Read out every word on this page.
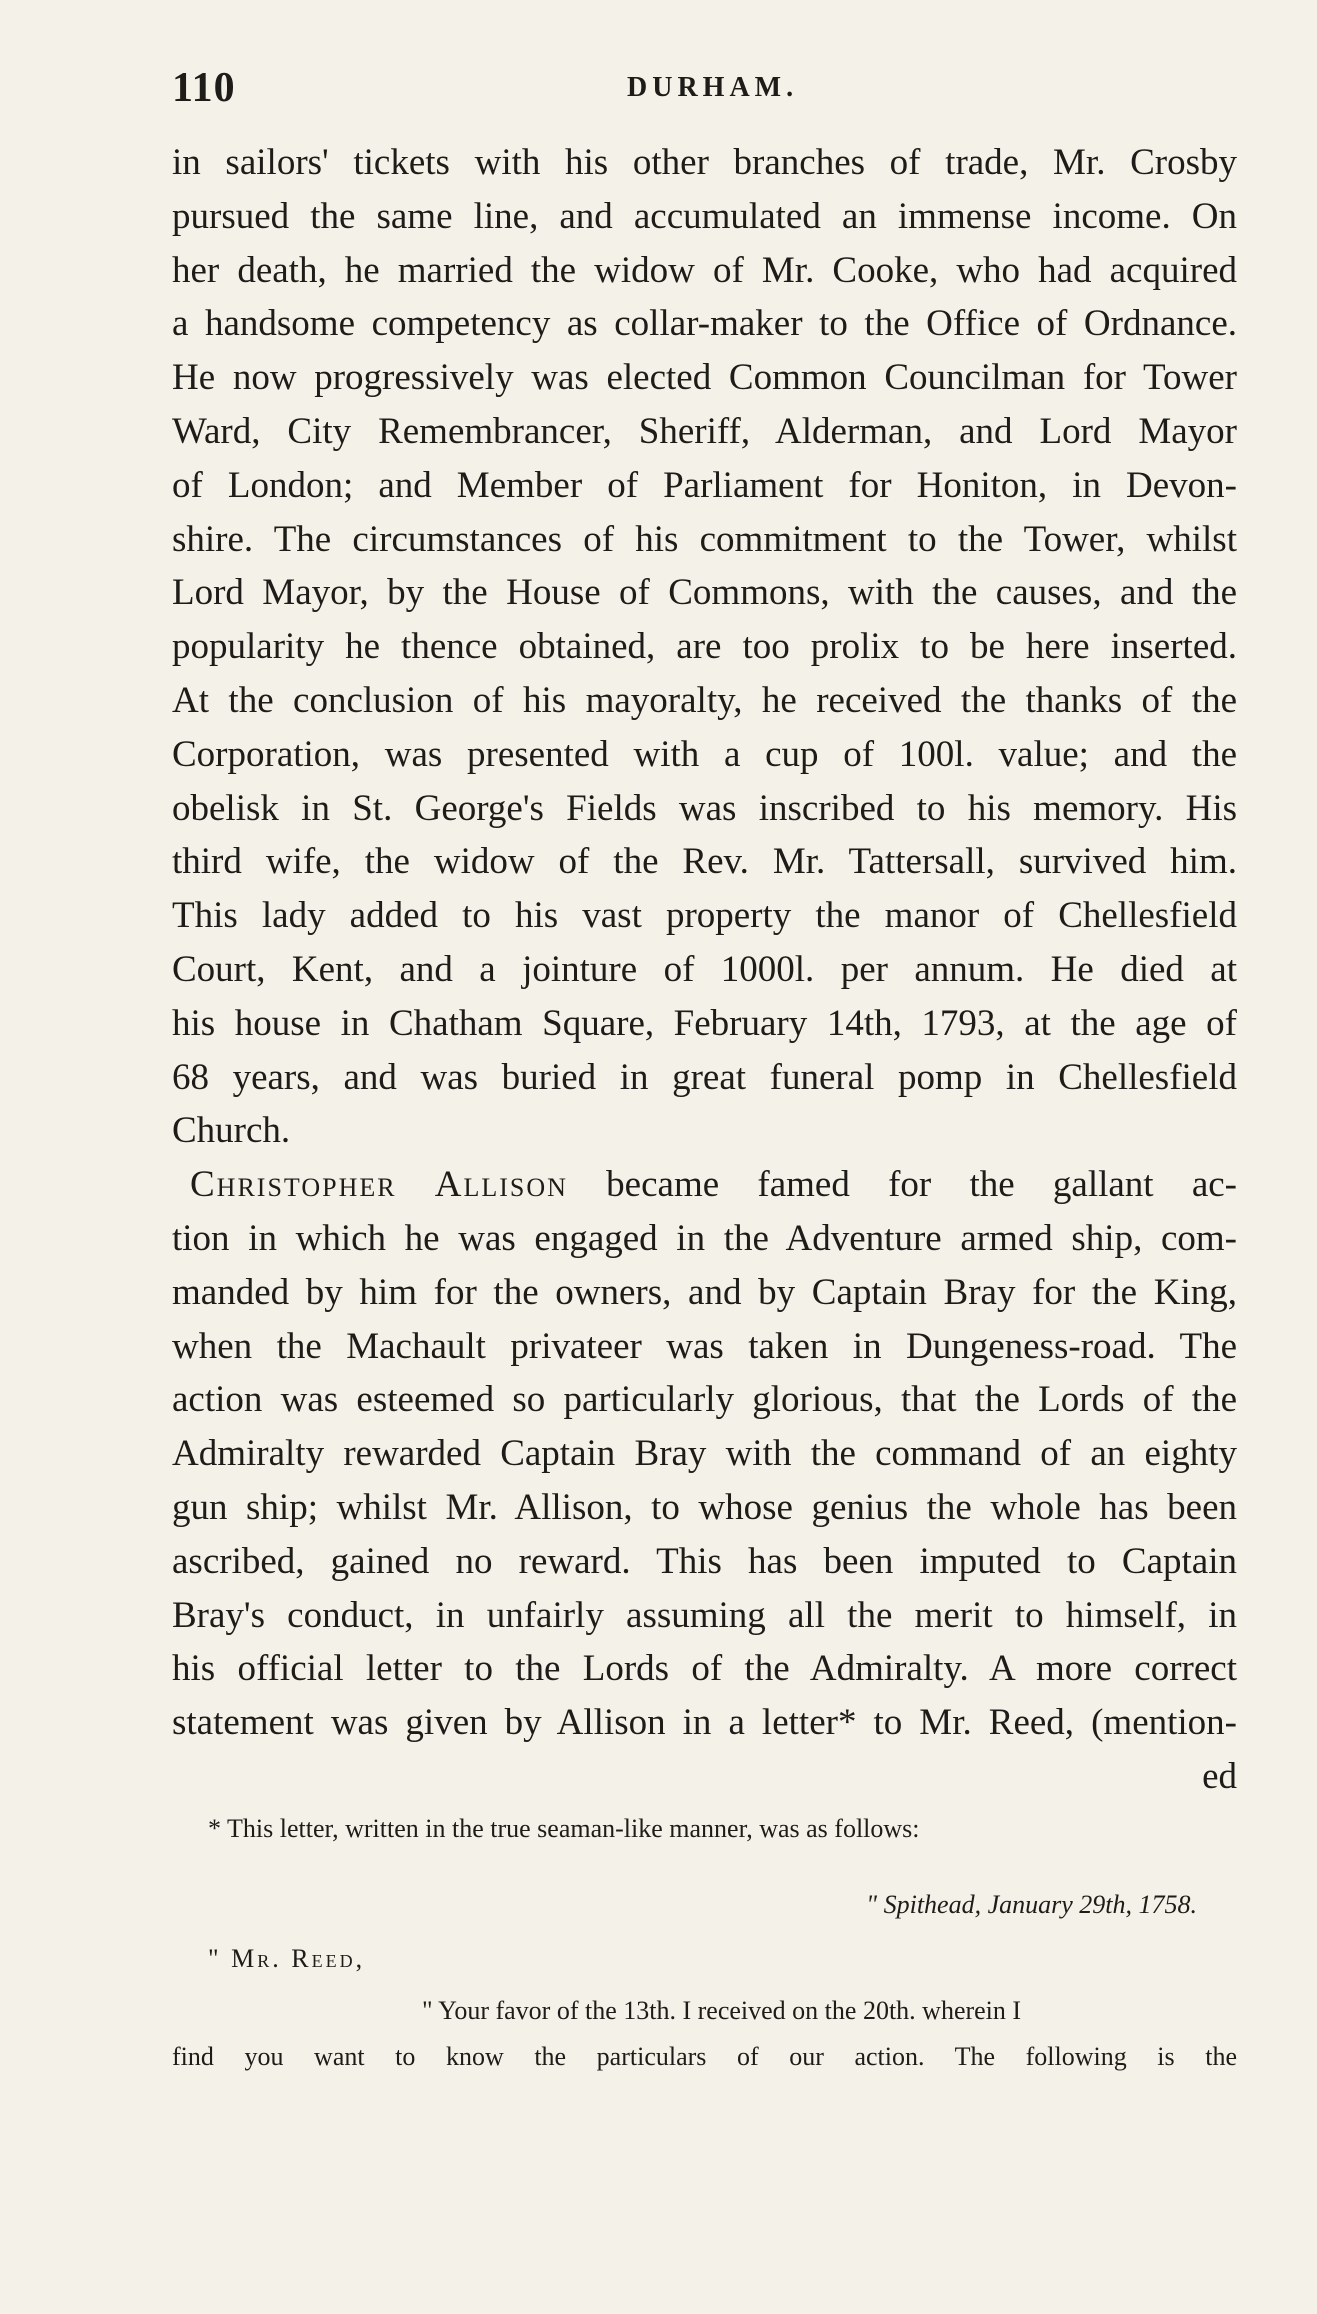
110	DURHAM.
in sailors' tickets with his other branches of trade, Mr. Crosby
pursued the same line, and accumulated an immense income. On
her death, he married the widow of Mr. Cooke, who had acquired
a handsome competency as collar-maker to the Office of Ordnance.
He now progressively was elected Common Councilman for Tower
Ward, City Remembrancer, Sheriff, Alderman, and Lord Mayor
of London; and Member of Parliament for Honiton, in Devon-
shire. The circumstances of his commitment to the Tower, whilst
Lord Mayor, by the House of Commons, with the causes, and the
popularity he thence obtained, are too prolix to be here inserted.
At the conclusion of his mayoralty, he received the thanks of the
Corporation, was presented with a cup of 100l. value; and the
obelisk in St. George's Fields was inscribed to his memory. His
third wife, the widow of the Rev. Mr. Tattersall, survived him.
This lady added to his vast property the manor of Chellesfield
Court, Kent, and a jointure of 1000l. per annum. He died at
his house in Chatham Square, February 14th, 1793, at the age of
68 years, and was buried in great funeral pomp in Chellesfield
Church.
Christopher Allison became famed for the gallant ac-
tion in which he was engaged in the Adventure armed ship, com-
manded by him for the owners, and by Captain Bray for the King,
when the Machault privateer was taken in Dungeness-road. The
action was esteemed so particularly glorious, that the Lords of the
Admiralty rewarded Captain Bray with the command of an eighty
gun ship; whilst Mr. Allison, to whose genius the whole has been
ascribed, gained no reward. This has been imputed to Captain
Bray's conduct, in unfairly assuming all the merit to himself, in
his official letter to the Lords of the Admiralty. A more correct
statement was given by Allison in a letter* to Mr. Reed, (mention-
ed
* This letter, written in the true seaman-like manner, was as follows:
" Spithead, January 29th, 1758.
" Mr. Reed,
" Your favor of the 13th. I received on the 20th. wherein I
find you want to know the particulars of our action. The following is the
